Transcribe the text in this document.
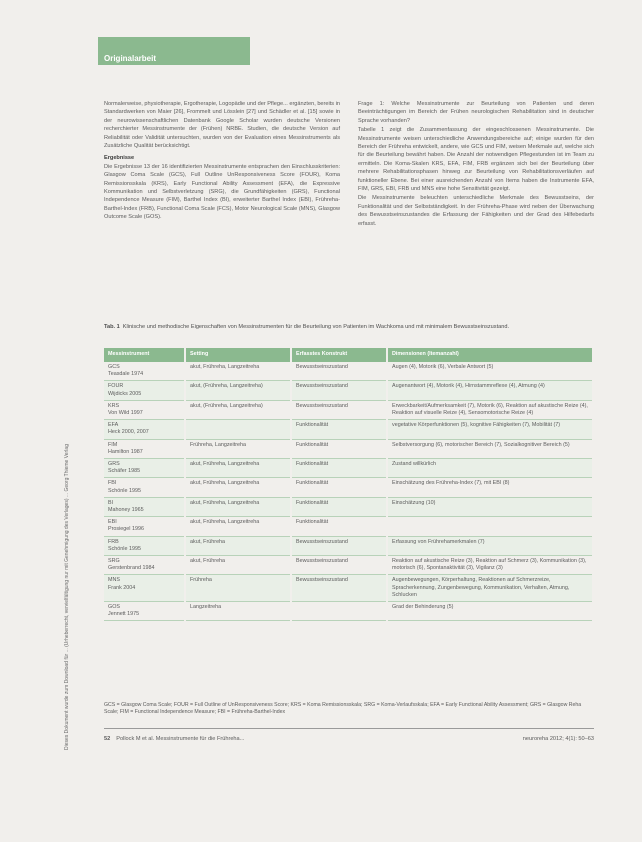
Dieses Dokument wurde zum Download für ... (Urheberrecht, vervielfältigung nur mit Genehmigung des Verlages) ... Georg Thieme Verlag
Originalarbeit

Normalerweise, physiotherapie, Ergotherapie, Logopädie und der Pflege... ergänzten, bereits in Standardwerken von Maier [26], Frommelt und Lösslein [27] und Schädler et al. [15] sowie in der neurowissenschaftlichen Datenbank Google Scholar wurden deutsche Versionen recherchierter Messinstrumente der (Frühen) NRBE. Studien, die deutsche Version auf Reliabilität oder Validität untersuchten, wurden von der Evaluation eines Messinstruments als Zusätzliche Qualität berücksichtigt.

Ergebnisse

Die Ergebnisse 13 der 16 identifizierten Messinstrumente entsprachen den Einschlusskriterien: Glasgow Coma Scale (GCS), Full Outline UnResponsiveness Score (FOUR), Koma Remissionsskala (KRS), Early Functional Ability Assessment (EFA), die Expressive Kommunikation und Selbstverletzung (SRG), die Grundfähigkeiten (GRS), Functional Independence Measure (FIM), Barthel Index (BI), erweiterter Barthel Index (EBI), Frühreha-Barthel-Index (FRB), Functional Coma Scale (FCS), Motor Neurological Scale (MNS), Glasgow Outcome Scale (GOS).

Frage 1: Welche Messinstrumente zur Beurteilung von Patienten und deren Beeinträchtigungen im Bereich der Frühen neurologischen Rehabilitation sind in deutscher Sprache vorhanden?

Tabelle 1 zeigt die Zusammenfassung der eingeschlossenen Messinstrumente. Die Messinstrumente weisen unterschiedliche Anwendungsbereiche auf; einige wurden für den Bereich der Frühreha entwickelt, andere, wie GCS und FIM, weisen Merkmale auf, welche sich für die Beurteilung bewährt haben. Die Anzahl der notwendigen Pflegestunden ist im Team zu ermitteln. Die Koma-Skalen KRS, EFA, FIM, FRB ergänzen sich bei der Beurteilung über mehrere Rehabilitationsphasen hinweg zur Beurteilung von Rehabilitationsverläufen auf funktioneller Ebene. Bei einer ausreichenden Anzahl von Items haben die Instrumente EFA, FIM, GRS, EBI, FRB und MNS eine hohe Sensitivität gezeigt.

Die Messinstrumente beleuchten unterschiedliche Merkmale des Bewusstseins, der Funktionalität und der Selbstständigkeit. In der Frühreha-Phase wird neben der Überwachung des Bewusstseinszustandes die Erfassung der Fähigkeiten und der Grad des Hilfebedarfs erfasst.

Tab. 1 Klinische und methodische Eigenschaften von Messinstrumenten für die Beurteilung von Patienten im Wachkoma und mit minimalem Bewusstseinszustand.
Messinstrument	Setting	Erfasstes Konstrukt	Dimensionen (Itemanzahl)
GCS
Teasdale 1974	akut, Frühreha, Langzeitreha	Bewusstseinszustand	Augen (4), Motorik (6), Verbale Antwort (5)
FOUR
Wijdicks 2005	akut, (Frühreha, Langzeitreha)	Bewusstseinszustand	Augenantwort (4), Motorik (4), Hirnstammreflexe (4), Atmung (4)
KRS
Von Wild 1997	akut, (Frühreha, Langzeitreha)	Bewusstseinszustand	Erweckbarkeit/Aufmerksamkeit (7), Motorik (6), Reaktion auf akustische Reize (4), Reaktion auf visuelle Reize (4), Sensomotorische Reize (4)
EFA
Heck 2000, 2007		Funktionalität	vegetative Körperfunktionen (5), kognitive Fähigkeiten (7), Mobilität (7)
FIM
Hamilton 1987	Frühreha, Langzeitreha	Funktionalität	Selbstversorgung (6), motorischer Bereich (7), Sozialkognitiver Bereich (5)
GRS
Schäfer 1985	akut, Frühreha, Langzeitreha	Funktionalität	Zustand willkürlich
FBI
Schönle 1995	akut, Frühreha, Langzeitreha	Funktionalität	Einschätzung des Frühreha-Index (7), mit EBI (8)
BI
Mahoney 1965	akut, Frühreha, Langzeitreha	Funktionalität	Einschätzung (10)
EBI
Prosiegel 1996	akut, Frühreha, Langzeitreha	Funktionalität	
FRB
Schönle 1995	akut, Frühreha	Bewusstseinszustand	Erfassung von Frührehamerkmalen (7)
SRG
Gerstenbrand 1984	akut, Frühreha	Bewusstseinszustand	Reaktion auf akustische Reize (3), Reaktion auf Schmerz (3), Kommunikation (3), motorisch (6), Spontanaktivität (3), Vigilanz (3)
MNS
Frank 2004	Frühreha	Bewusstseinszustand	Augenbewegungen, Körperhaltung, Reaktionen auf Schmerzreize, Spracherkennung, Zungenbewegung, Kommunikation, Verhalten, Atmung, Schlucken
GOS
Jennett 1975	Langzeitreha		Grad der Behinderung (5)
GCS = Glasgow Coma Scale; FOUR = Full Outline of UnResponsiveness Score; KRS = Koma Remissionsskala; SRG = Koma-Verlaufsskala; EFA = Early Functional Ability Assessment; GRS = Glasgow Reha Scale; FIM = Functional Independence Measure; FBI = Frühreha-Barthel-Index
52 Pollock M et al. Messinstrumente für die Frühreha...	neuroreha 2012; 4(1): 50–63
